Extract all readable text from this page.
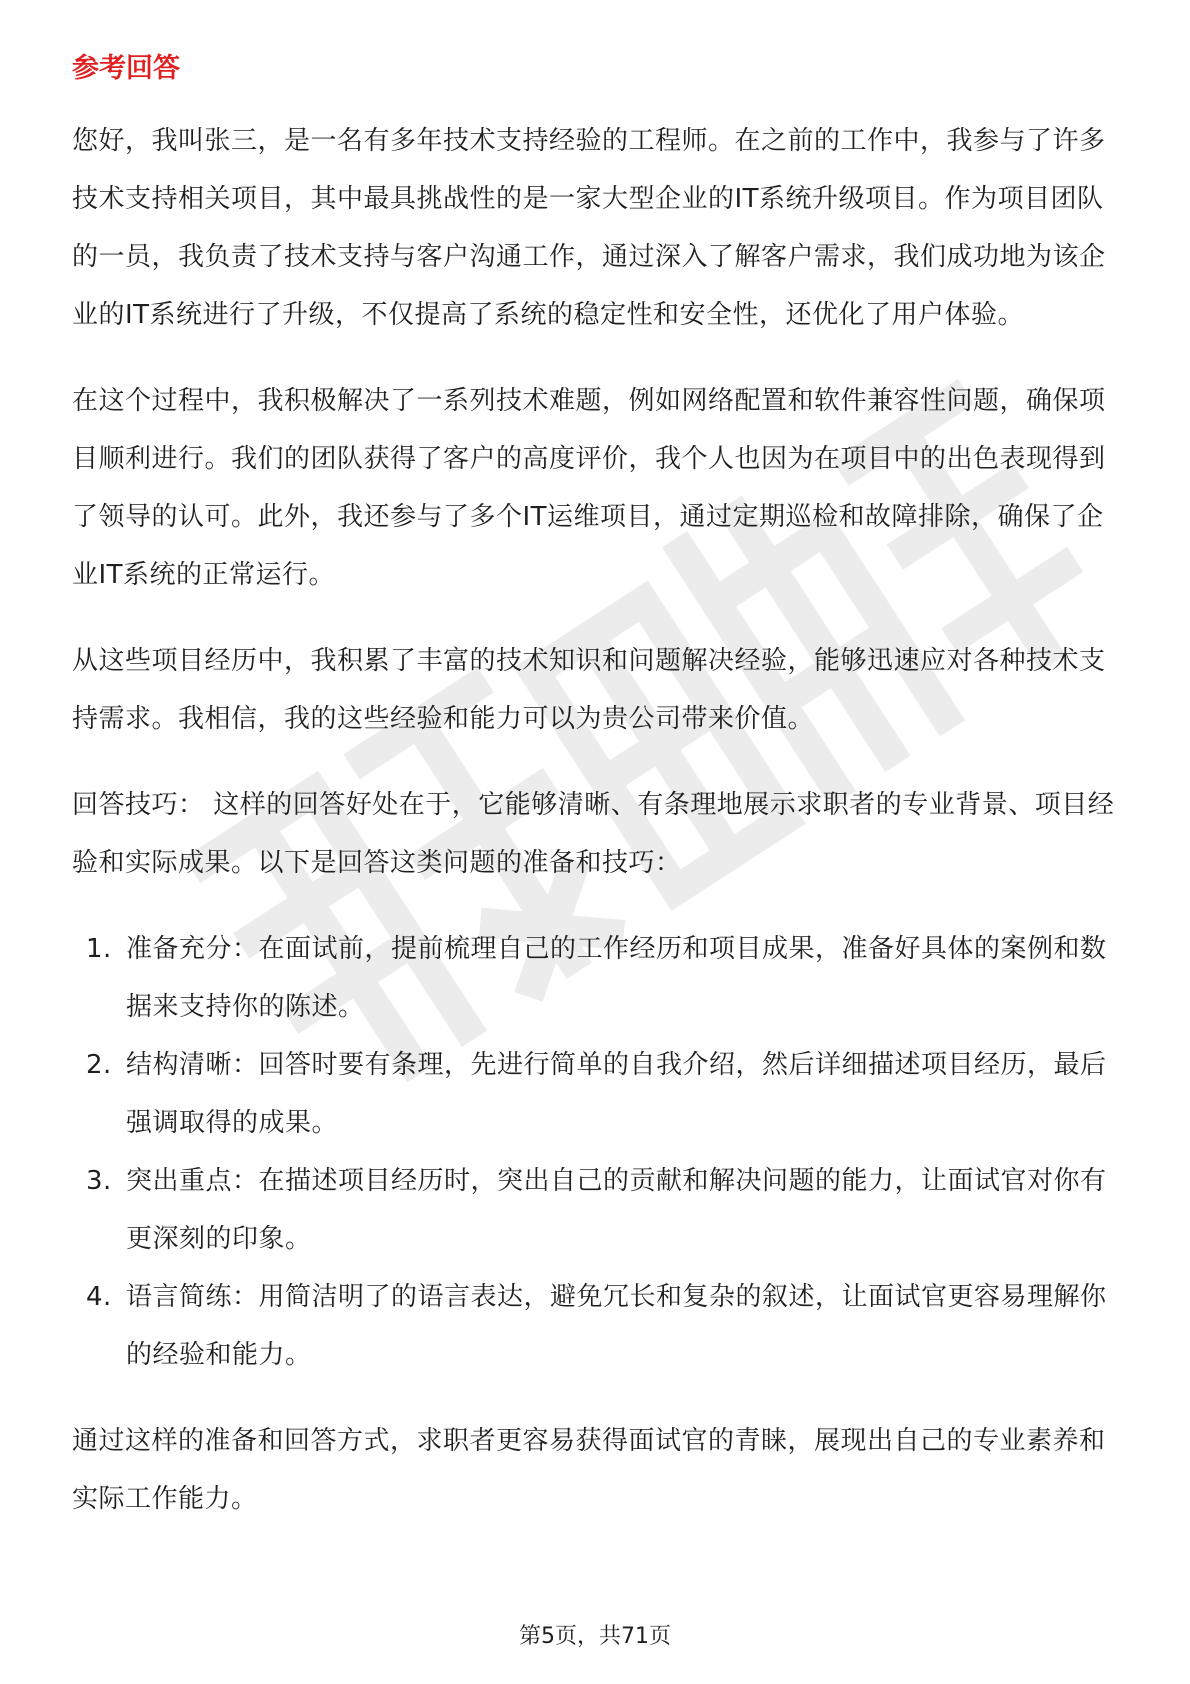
参考回答

您好，我叫张三，是一名有多年技术支持经验的工程师。在之前的工作中，我参与了许多技术支持相关项目，其中最具挑战性的是一家大型企业的IT系统升级项目。作为项目团队的一员，我负责了技术支持与客户沟通工作，通过深入了解客户需求，我们成功地为该企业的IT系统进行了升级，不仅提高了系统的稳定性和安全性，还优化了用户体验。

在这个过程中，我积极解决了一系列技术难题，例如网络配置和软件兼容性问题，确保项目顺利进行。我们的团队获得了客户的高度评价，我个人也因为在项目中的出色表现得到了领导的认可。此外，我还参与了多个IT运维项目，通过定期巡检和故障排除，确保了企业IT系统的正常运行。

从这些项目经历中，我积累了丰富的技术知识和问题解决经验，能够迅速应对各种技术支持需求。我相信，我的这些经验和能力可以为贵公司带来价值。

回答技巧： 这样的回答好处在于，它能够清晰、有条理地展示求职者的专业背景、项目经验和实际成果。以下是回答这类问题的准备和技巧：

1. 准备充分：在面试前，提前梳理自己的工作经历和项目成果，准备好具体的案例和数据来支持你的陈述。
2. 结构清晰：回答时要有条理，先进行简单的自我介绍，然后详细描述项目经历，最后强调取得的成果。
3. 突出重点：在描述项目经历时，突出自己的贡献和解决问题的能力，让面试官对你有更深刻的印象。
4. 语言简练：用简洁明了的语言表达，避免冗长和复杂的叙述，让面试官更容易理解你的经验和能力。

通过这样的准备和回答方式，求职者更容易获得面试官的青睐，展现出自己的专业素养和实际工作能力。

第5页，共71页
